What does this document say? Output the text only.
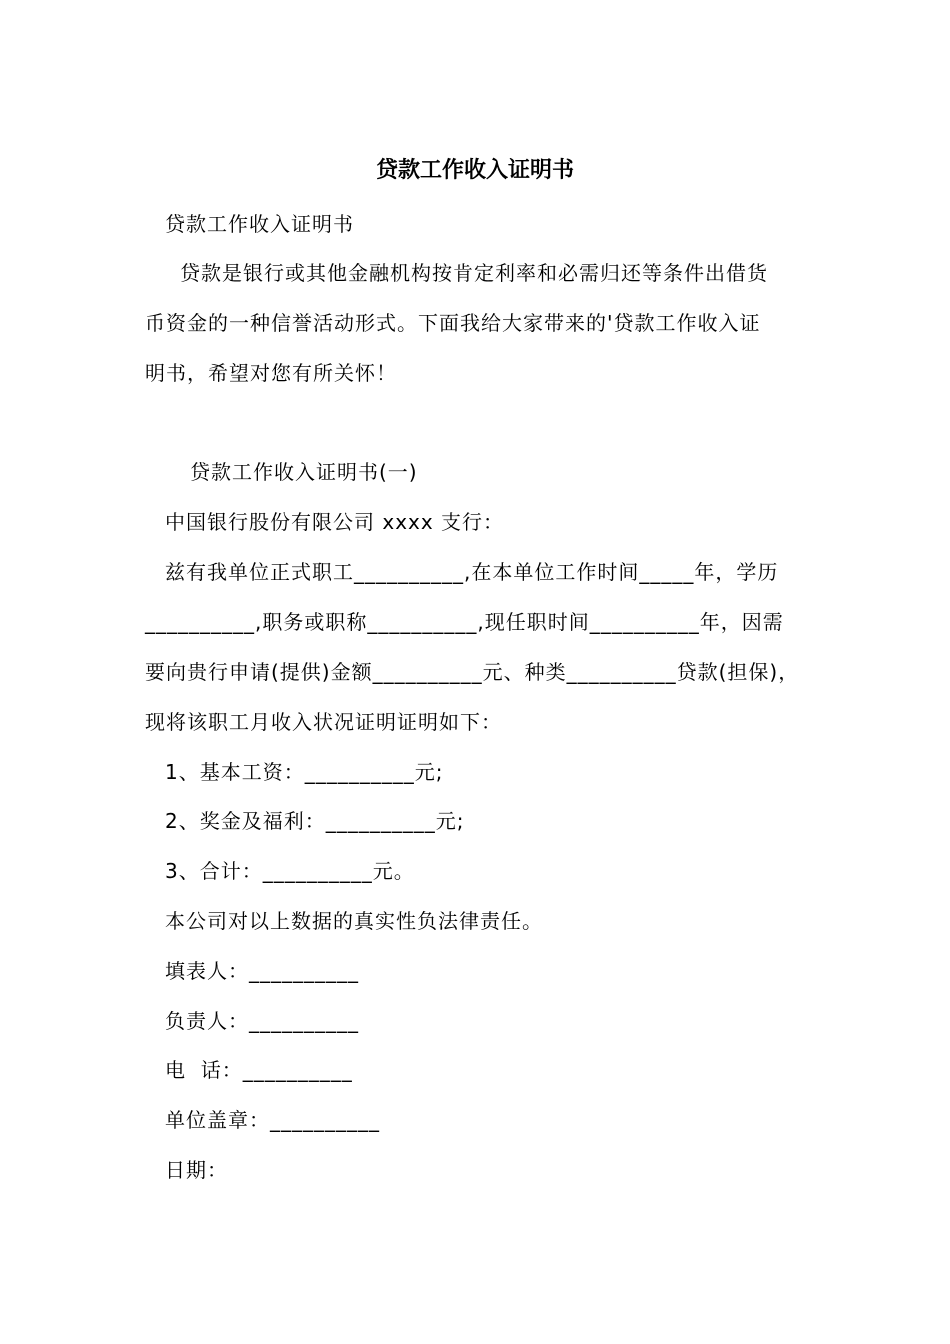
贷款工作收入证明书
贷款工作收入证明书
贷款是银行或其他金融机构按肯定利率和必需归还等条件出借货
币资金的一种信誉活动形式。下面我给大家带来的'贷款工作收入证
明书，希望对您有所关怀！
贷款工作收入证明书(一)
中国银行股份有限公司 xxxx 支行：
兹有我单位正式职工__________,在本单位工作时间_____年，学历
__________,职务或职称__________,现任职时间__________年，因需
要向贵行申请(提供)金额__________元、种类__________贷款(担保)，
现将该职工月收入状况证明证明如下：
1、基本工资：__________元;
2、奖金及福利：__________元;
3、合计：__________元。
本公司对以上数据的真实性负法律责任。
填表人：__________
负责人：__________
电  话：__________
单位盖章：__________
日期：
